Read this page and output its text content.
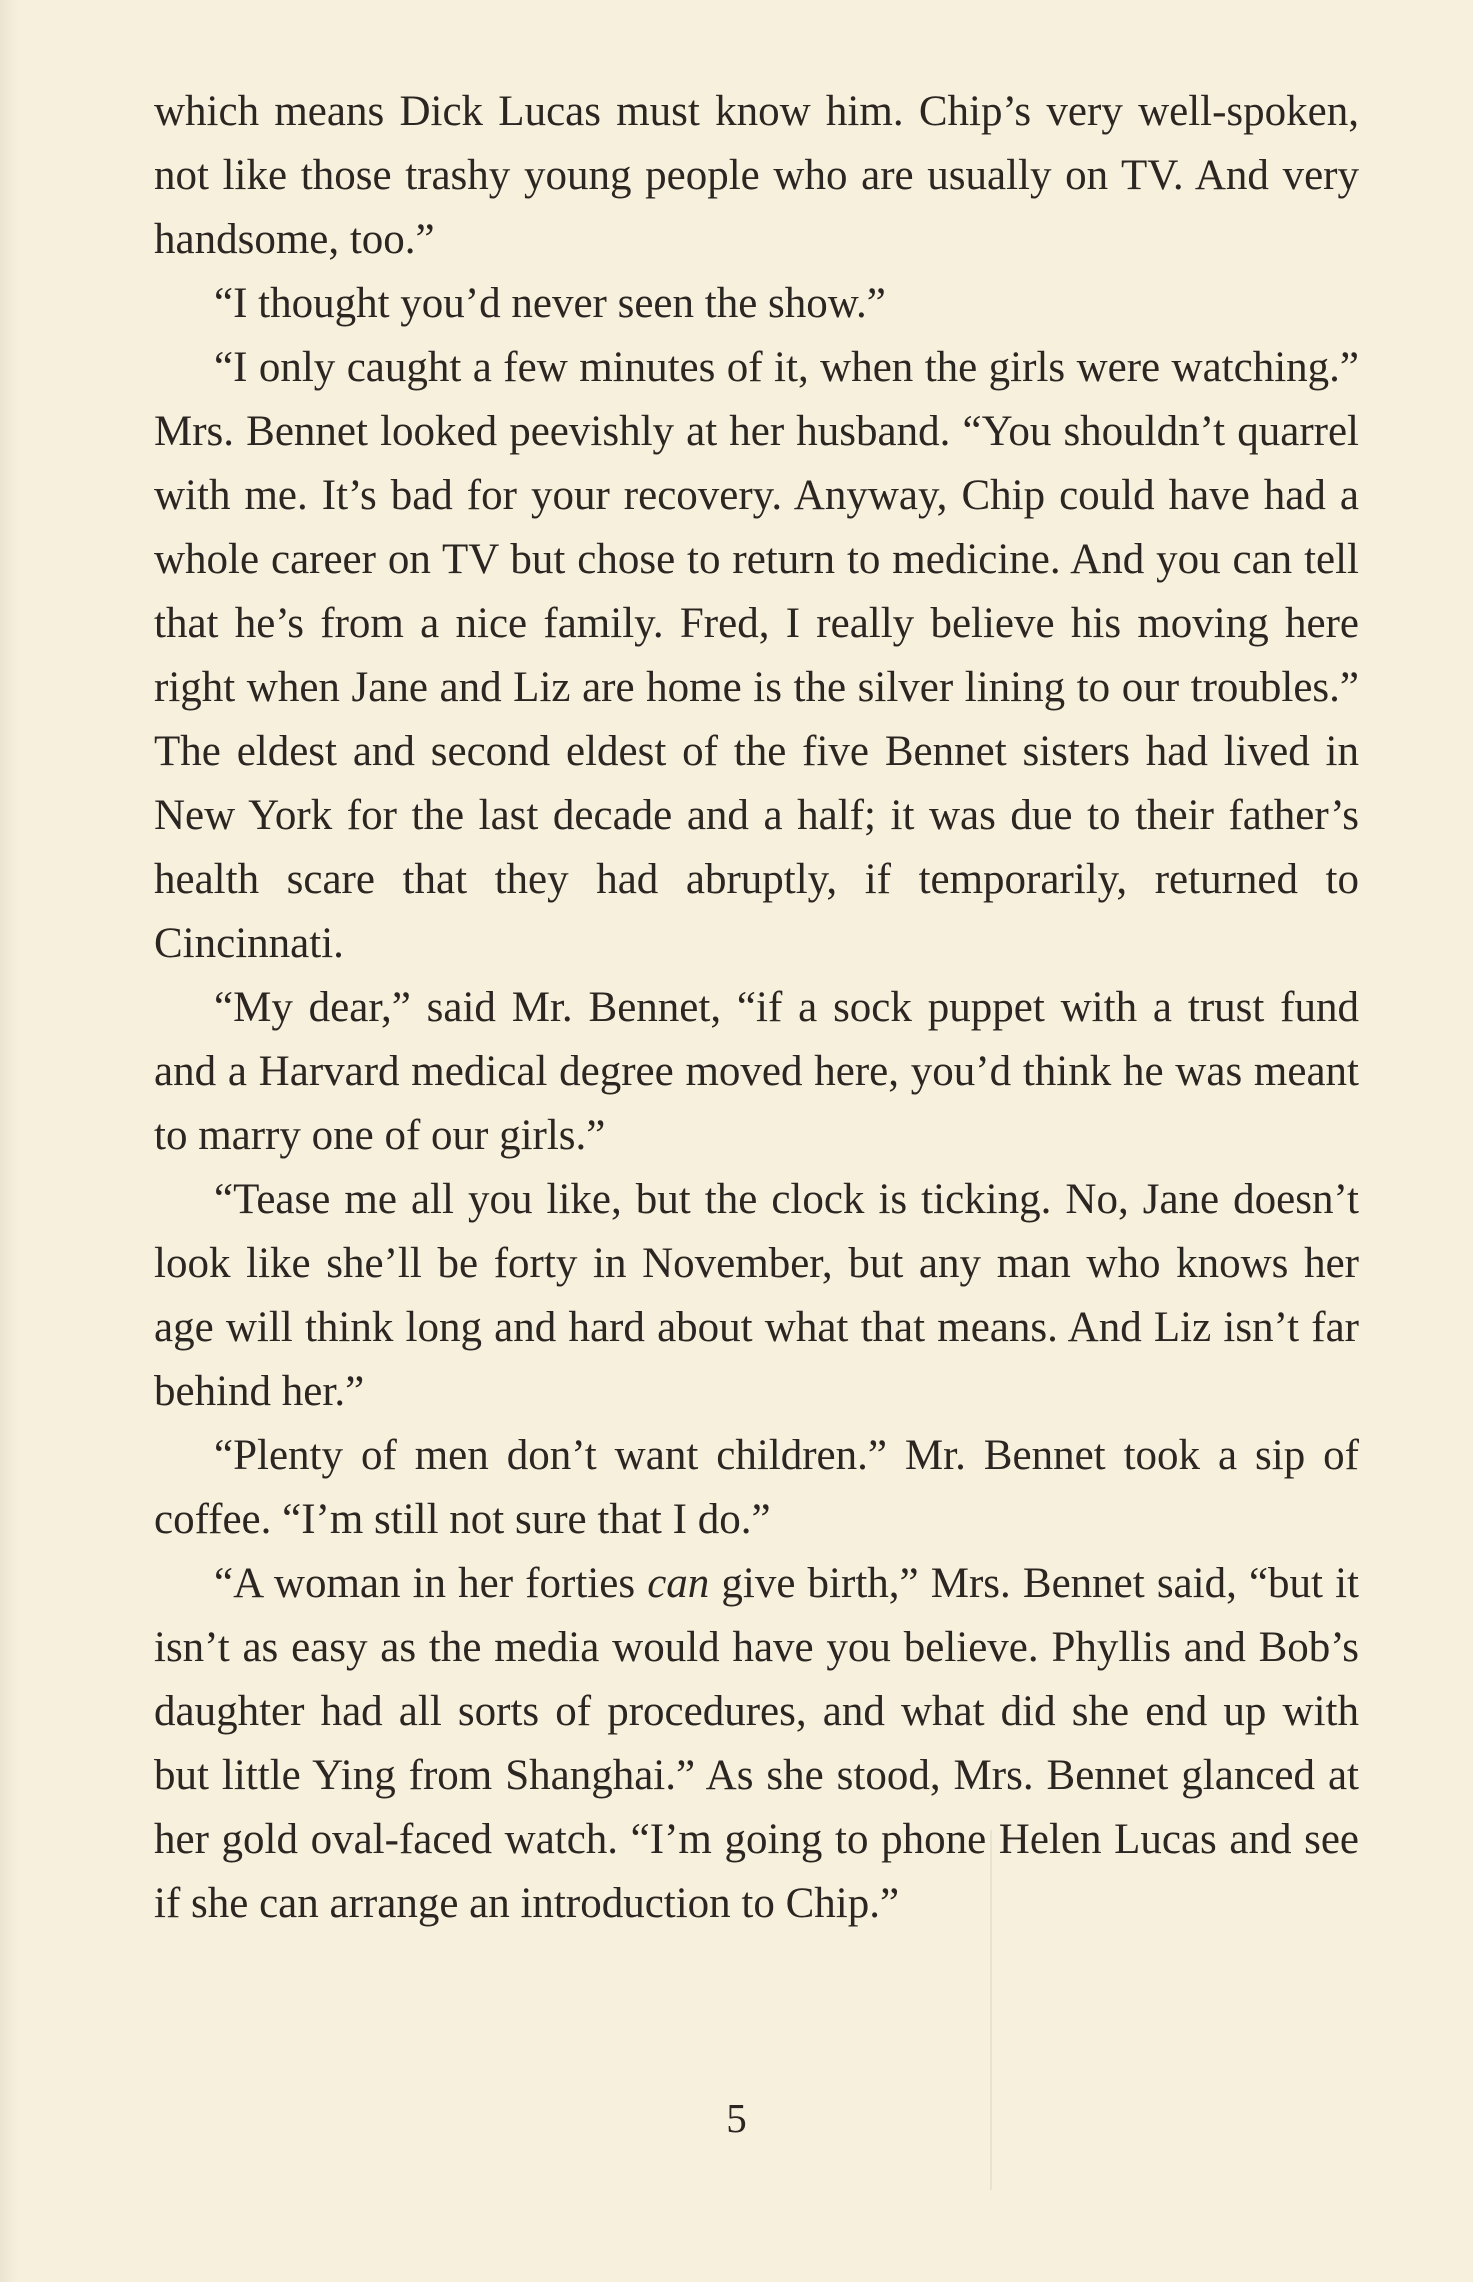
which means Dick Lucas must know him. Chip’s very well-spoken, not like those trashy young people who are usually on TV. And very handsome, too.”

“I thought you’d never seen the show.”

“I only caught a few minutes of it, when the girls were watching.” Mrs. Bennet looked peevishly at her husband. “You shouldn’t quarrel with me. It’s bad for your recovery. Anyway, Chip could have had a whole career on TV but chose to return to medicine. And you can tell that he’s from a nice family. Fred, I really believe his moving here right when Jane and Liz are home is the silver lining to our troubles.” The eldest and second eldest of the five Bennet sisters had lived in New York for the last decade and a half; it was due to their father’s health scare that they had abruptly, if temporarily, returned to Cincinnati.

“My dear,” said Mr. Bennet, “if a sock puppet with a trust fund and a Harvard medical degree moved here, you’d think he was meant to marry one of our girls.”

“Tease me all you like, but the clock is ticking. No, Jane doesn’t look like she’ll be forty in November, but any man who knows her age will think long and hard about what that means. And Liz isn’t far behind her.”

“Plenty of men don’t want children.” Mr. Bennet took a sip of coffee. “I’m still not sure that I do.”

“A woman in her forties can give birth,” Mrs. Bennet said, “but it isn’t as easy as the media would have you believe. Phyllis and Bob’s daughter had all sorts of procedures, and what did she end up with but little Ying from Shanghai.” As she stood, Mrs. Bennet glanced at her gold oval-faced watch. “I’m going to phone Helen Lucas and see if she can arrange an introduction to Chip.”

5
